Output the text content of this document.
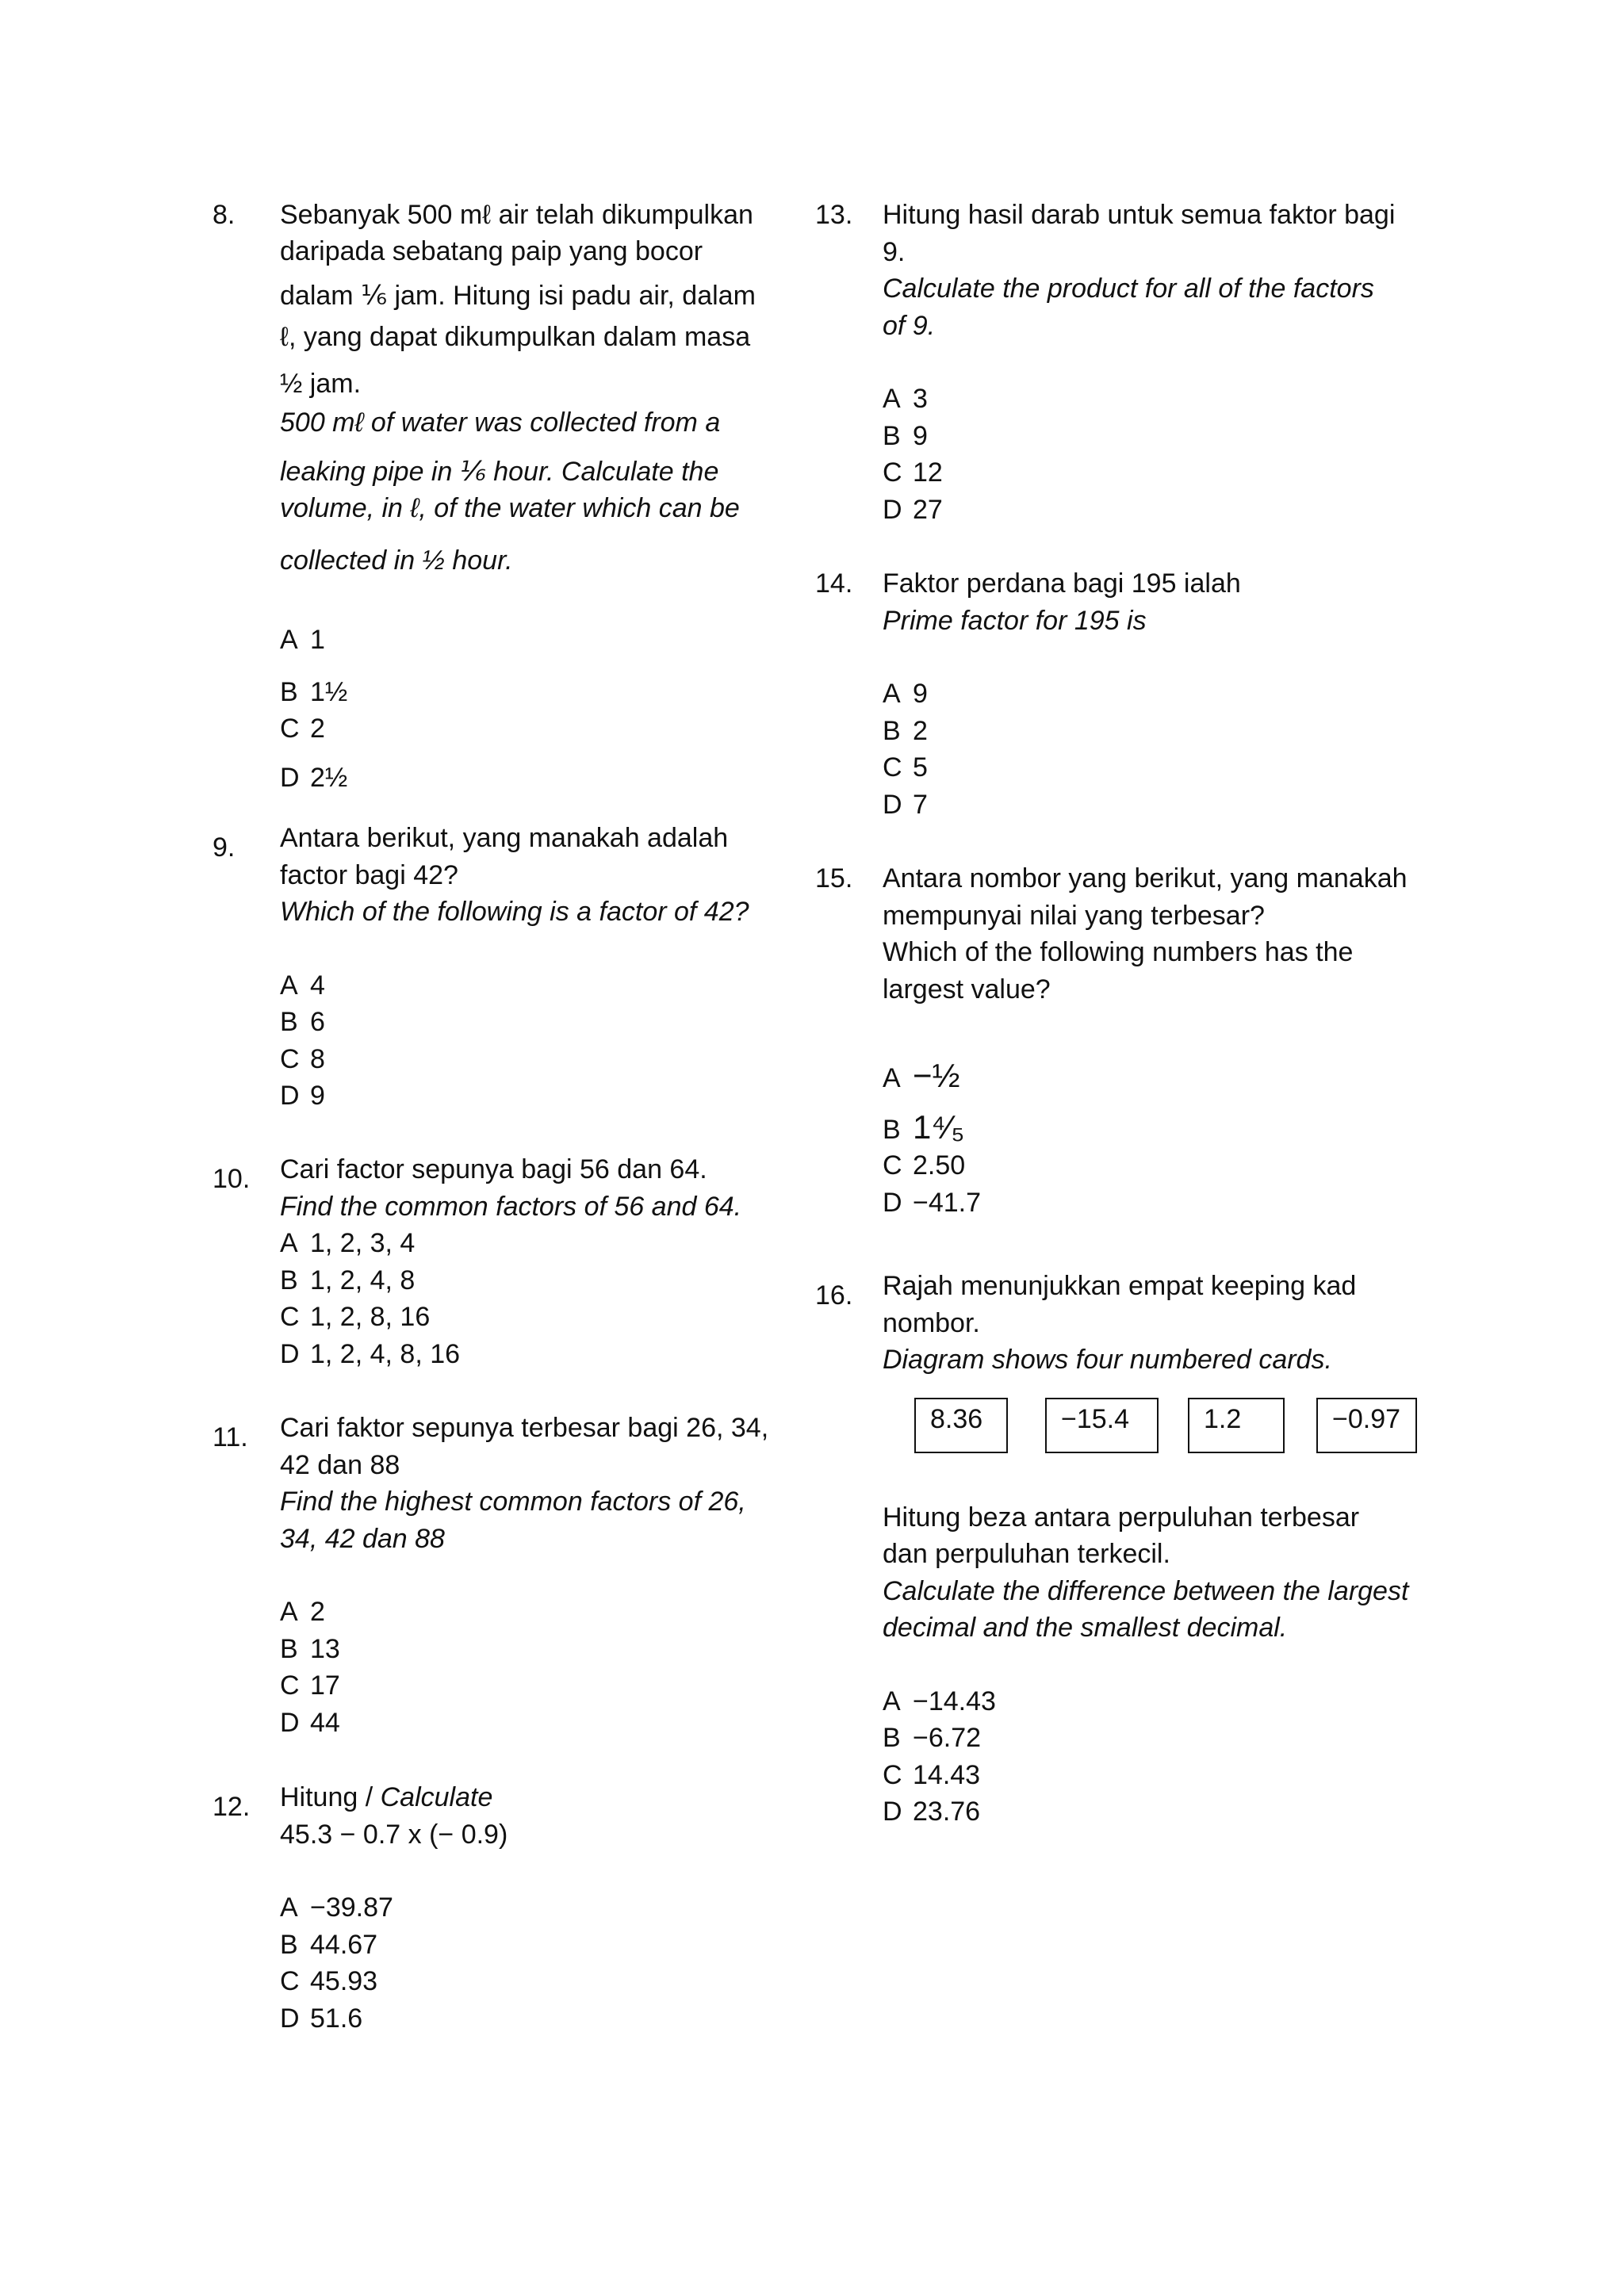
8. Sebanyak 500 mℓ air telah dikumpulkan
daripada sebatang paip yang bocor
dalam ⅙ jam. Hitung isi padu air, dalam
ℓ, yang dapat dikumpulkan dalam masa
½ jam.
500 mℓ of water was collected from a
leaking pipe in ⅙ hour. Calculate the
volume, in ℓ, of the water which can be
collected in ½ hour.
A 1
B 1½
C 2
D 2½
9. Antara berikut, yang manakah adalah
factor bagi 42?
Which of the following is a factor of 42?
A 4
B 6
C 8
D 9
10. Cari factor sepunya bagi 56 dan 64.
Find the common factors of 56 and 64.
A 1, 2, 3, 4
B 1, 2, 4, 8
C 1, 2, 8, 16
D 1, 2, 4, 8, 16
11. Cari faktor sepunya terbesar bagi 26, 34,
42 dan 88
Find the highest common factors of 26,
34, 42 dan 88
A 2
B 13
C 17
D 44
12. Hitung / Calculate
45.3 − 0.7 x (− 0.9)
A −39.87
B 44.67
C 45.93
D 51.6
13. Hitung hasil darab untuk semua faktor bagi
9.
Calculate the product for all of the factors
of 9.
A 3
B 9
C 12
D 27
14. Faktor perdana bagi 195 ialah
Prime factor for 195 is
A 9
B 2
C 5
D 7
15. Antara nombor yang berikut, yang manakah
mempunyai nilai yang terbesar?
Which of the following numbers has the
largest value?
A −½
B 1⁴⁄₅
C 2.50
D −41.7
16. Rajah menunjukkan empat keeping kad
nombor.
Diagram shows four numbered cards.
8.36	−15.4	1.2	−0.97
Hitung beza antara perpuluhan terbesar
dan perpuluhan terkecil.
Calculate the difference between the largest
decimal and the smallest decimal.
A −14.43
B −6.72
C 14.43
D 23.76
